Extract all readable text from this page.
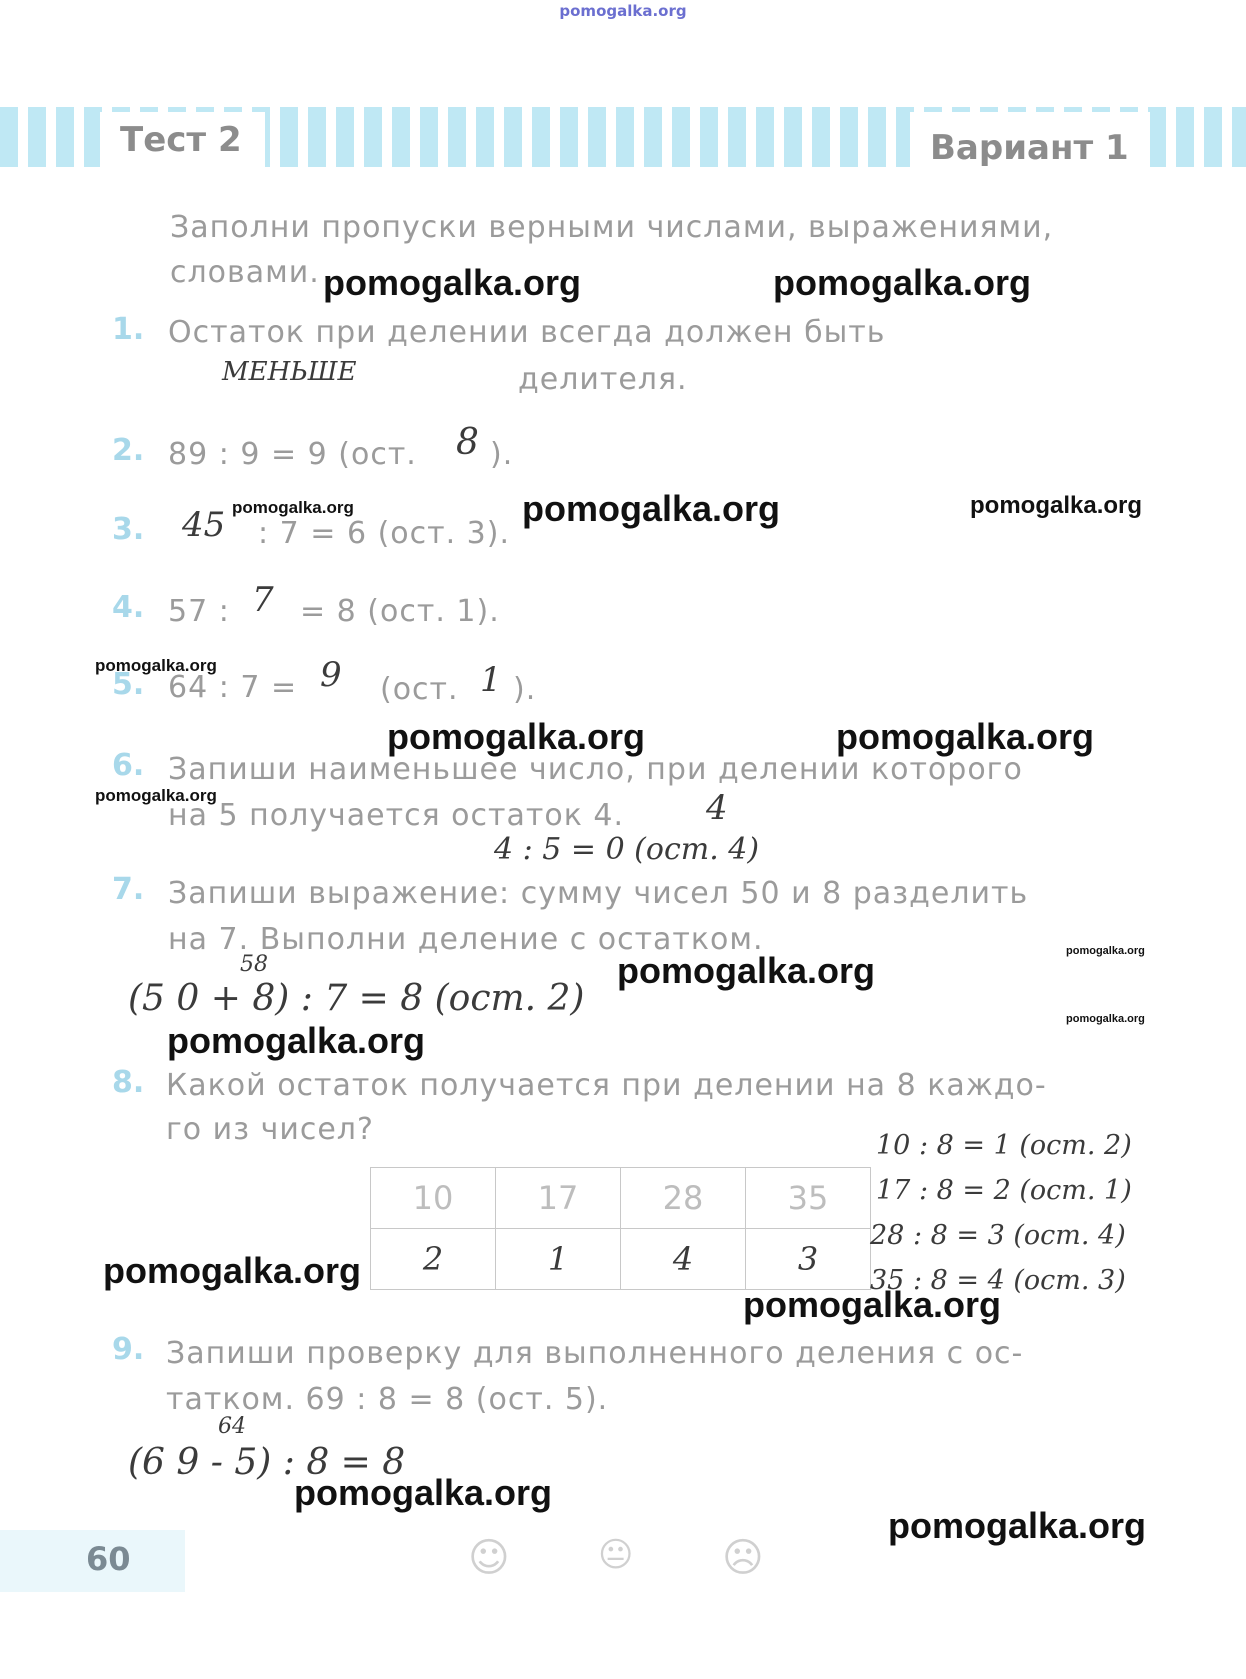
pomogalka.org
Тест 2	Вариант 1
Заполни пропуски верными числами, выражениями,
словами.
1. Остаток при делении всегда должен быть
МЕНЬШЕ	делителя.
2. 89 : 9 = 9 (ост. 8 ).
3. 45 : 7 = 6 (ост. 3).
4. 57 : 7 = 8 (ост. 1).
5. 64 : 7 = 9 (ост. 1 ).
6. Запиши наименьшее число, при делении которого
на 5 получается остаток 4. 4
4 : 5 = 0 (ост. 4)
7. Запиши выражение: сумму чисел 50 и 8 разделить
на 7. Выполни деление с остатком.
58
(5 0 + 8) : 7 = 8 (ост. 2)
8. Какой остаток получается при делении на 8 каждо-
го из чисел?
10	17	28	35
2	1	4	3
10 : 8 = 1 (ост. 2)
17 : 8 = 2 (ост. 1)
28 : 8 = 3 (ост. 4)
35 : 8 = 4 (ост. 3)
9. Запиши проверку для выполненного деления с ос-
татком. 69 : 8 = 8 (ост. 5).
64
(6 9 - 5) : 8 = 8
60	☺	😐 ☹
pomogalka.org	pomogalka.org
pomogalka.org	pomogalka.org	pomogalka.org
pomogalka.org
pomogalka.org	pomogalka.org
pomogalka.org
pomogalka.org
pomogalka.org
pomogalka.org
pomogalka.org
pomogalka.org
pomogalka.org
pomogalka.org
pomogalka.org
